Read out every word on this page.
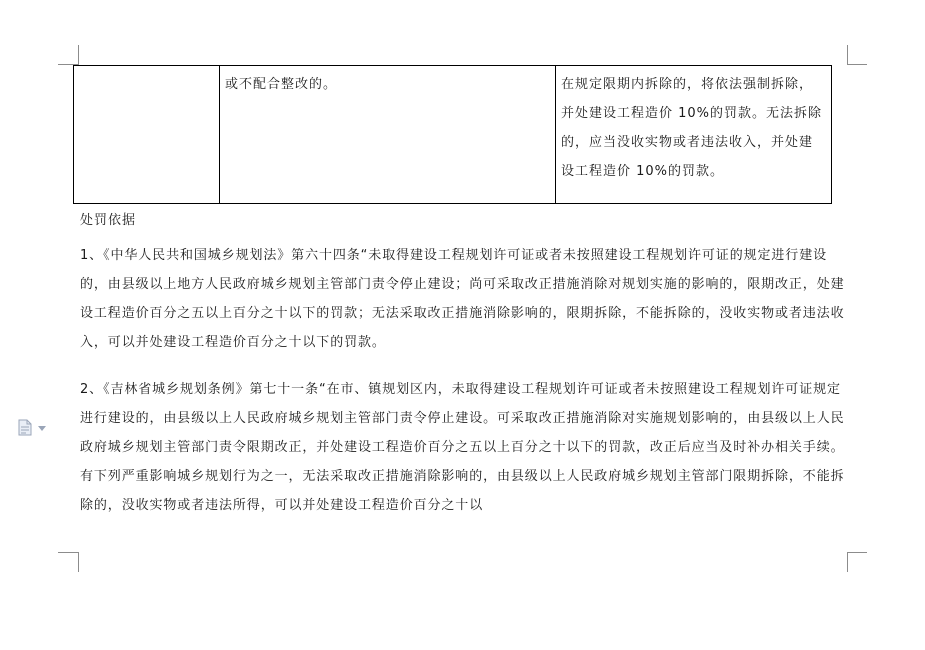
	或不配合整改的。	在规定限期内拆除的，将依法强制拆除，并处建设工程造价 10%的罚款。无法拆除的，应当没收实物或者违法收入，并处建设工程造价 10%的罚款。
处罚依据

1、《中华人民共和国城乡规划法》第六十四条“未取得建设工程规划许可证或者未按照建设工程规划许可证的规定进行建设的，由县级以上地方人民政府城乡规划主管部门责令停止建设；尚可采取改正措施消除对规划实施的影响的，限期改正，处建设工程造价百分之五以上百分之十以下的罚款；无法采取改正措施消除影响的，限期拆除，不能拆除的，没收实物或者违法收入，可以并处建设工程造价百分之十以下的罚款。

2、《吉林省城乡规划条例》第七十一条“在市、镇规划区内，未取得建设工程规划许可证或者未按照建设工程规划许可证规定进行建设的，由县级以上人民政府城乡规划主管部门责令停止建设。可采取改正措施消除对实施规划影响的，由县级以上人民政府城乡规划主管部门责令限期改正，并处建设工程造价百分之五以上百分之十以下的罚款，改正后应当及时补办相关手续。有下列严重影响城乡规划行为之一，无法采取改正措施消除影响的，由县级以上人民政府城乡规划主管部门限期拆除，不能拆除的，没收实物或者违法所得，可以并处建设工程造价百分之十以
